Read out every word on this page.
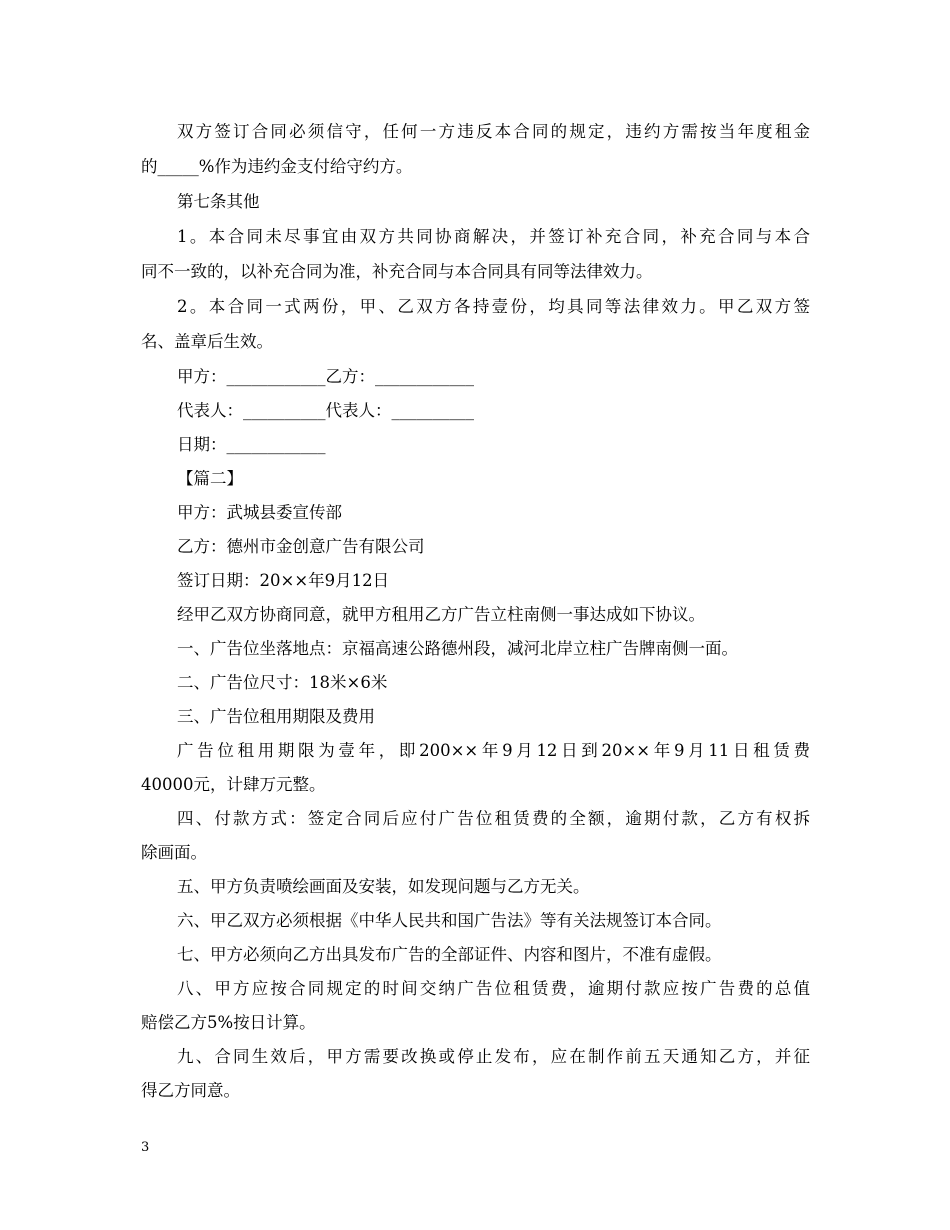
双方签订合同必须信守，任何一方违反本合同的规定，违约方需按当年度租金
的_____%作为违约金支付给守约方。
第七条其他
1。本合同未尽事宜由双方共同协商解决，并签订补充合同，补充合同与本合
同不一致的，以补充合同为准，补充合同与本合同具有同等法律效力。
2。本合同一式两份，甲、乙双方各持壹份，均具同等法律效力。甲乙双方签
名、盖章后生效。
甲方：____________乙方：____________
代表人：__________代表人：__________
日期：____________
【篇二】
甲方：武城县委宣传部
乙方：德州市金创意广告有限公司
签订日期：20××年9月12日
经甲乙双方协商同意，就甲方租用乙方广告立柱南侧一事达成如下协议。
一、广告位坐落地点：京福高速公路德州段，减河北岸立柱广告牌南侧一面。
二、广告位尺寸：18米×6米
三、广告位租用期限及费用
广告位租用期限为壹年，即200××年9月12日到20××年9月11日租赁费
40000元，计肆万元整。
四、付款方式：签定合同后应付广告位租赁费的全额，逾期付款，乙方有权拆
除画面。
五、甲方负责喷绘画面及安装，如发现问题与乙方无关。
六、甲乙双方必须根据《中华人民共和国广告法》等有关法规签订本合同。
七、甲方必须向乙方出具发布广告的全部证件、内容和图片，不准有虚假。
八、甲方应按合同规定的时间交纳广告位租赁费，逾期付款应按广告费的总值
赔偿乙方5%按日计算。
九、合同生效后，甲方需要改换或停止发布，应在制作前五天通知乙方，并征
得乙方同意。
3
